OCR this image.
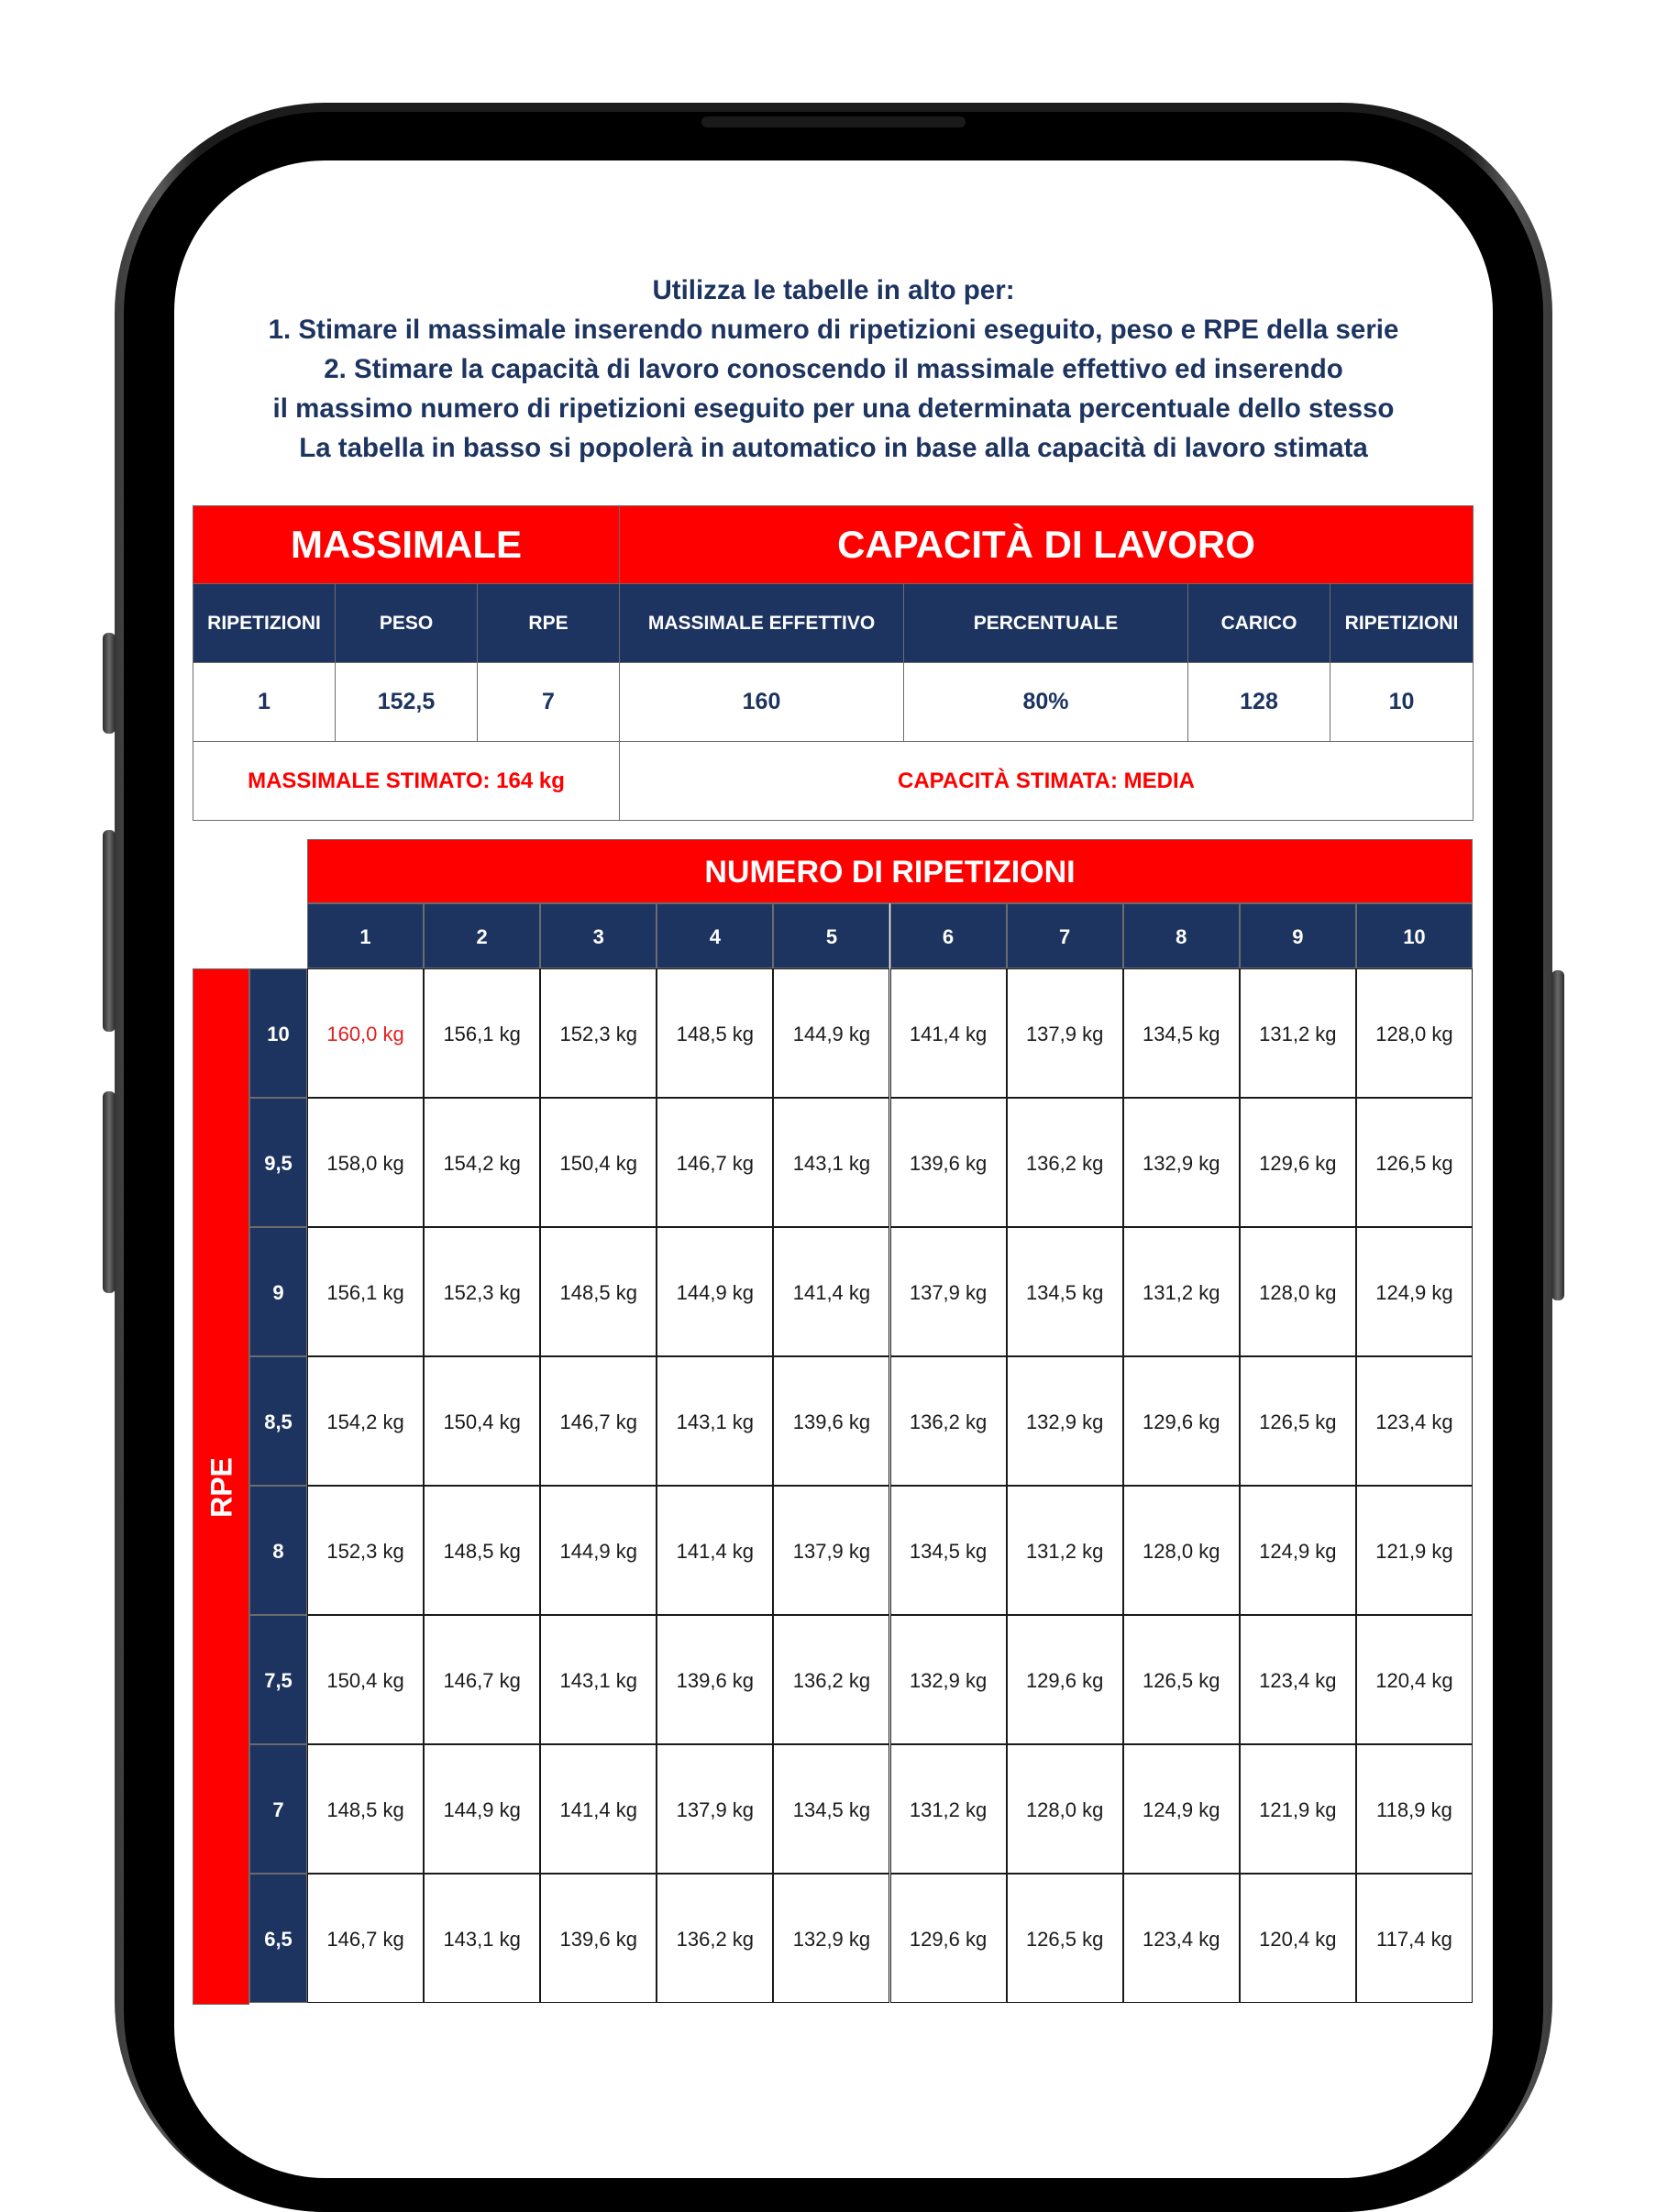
Utilizza le tabelle in alto per:
1. Stimare il massimale inserendo numero di ripetizioni eseguito, peso e RPE della serie
2. Stimare la capacità di lavoro conoscendo il massimale effettivo ed inserendo
il massimo numero di ripetizioni eseguito per una determinata percentuale dello stesso
La tabella in basso si popolerà in automatico in base alla capacità di lavoro stimata
MASSIMALE			CAPACITÀ DI LAVORO			
RIPETIZIONI	PESO	RPE	MASSIMALE EFFETTIVO	PERCENTUALE	CARICO	RIPETIZIONI
1	152,5	7	160	80%	128	10
MASSIMALE STIMATO: 164 kg			CAPACITÀ STIMATA: MEDIA			
NUMERO DI RIPETIZIONI
RPE
1	2	3	4	5	6	7	8	9	10
10	160,0 kg	156,1 kg	152,3 kg	148,5 kg	144,9 kg	141,4 kg	137,9 kg	134,5 kg	131,2 kg	128,0 kg
9,5	158,0 kg	154,2 kg	150,4 kg	146,7 kg	143,1 kg	139,6 kg	136,2 kg	132,9 kg	129,6 kg	126,5 kg
9	156,1 kg	152,3 kg	148,5 kg	144,9 kg	141,4 kg	137,9 kg	134,5 kg	131,2 kg	128,0 kg	124,9 kg
8,5	154,2 kg	150,4 kg	146,7 kg	143,1 kg	139,6 kg	136,2 kg	132,9 kg	129,6 kg	126,5 kg	123,4 kg
8	152,3 kg	148,5 kg	144,9 kg	141,4 kg	137,9 kg	134,5 kg	131,2 kg	128,0 kg	124,9 kg	121,9 kg
7,5	150,4 kg	146,7 kg	143,1 kg	139,6 kg	136,2 kg	132,9 kg	129,6 kg	126,5 kg	123,4 kg	120,4 kg
7	148,5 kg	144,9 kg	141,4 kg	137,9 kg	134,5 kg	131,2 kg	128,0 kg	124,9 kg	121,9 kg	118,9 kg
6,5	146,7 kg	143,1 kg	139,6 kg	136,2 kg	132,9 kg	129,6 kg	126,5 kg	123,4 kg	120,4 kg	117,4 kg
